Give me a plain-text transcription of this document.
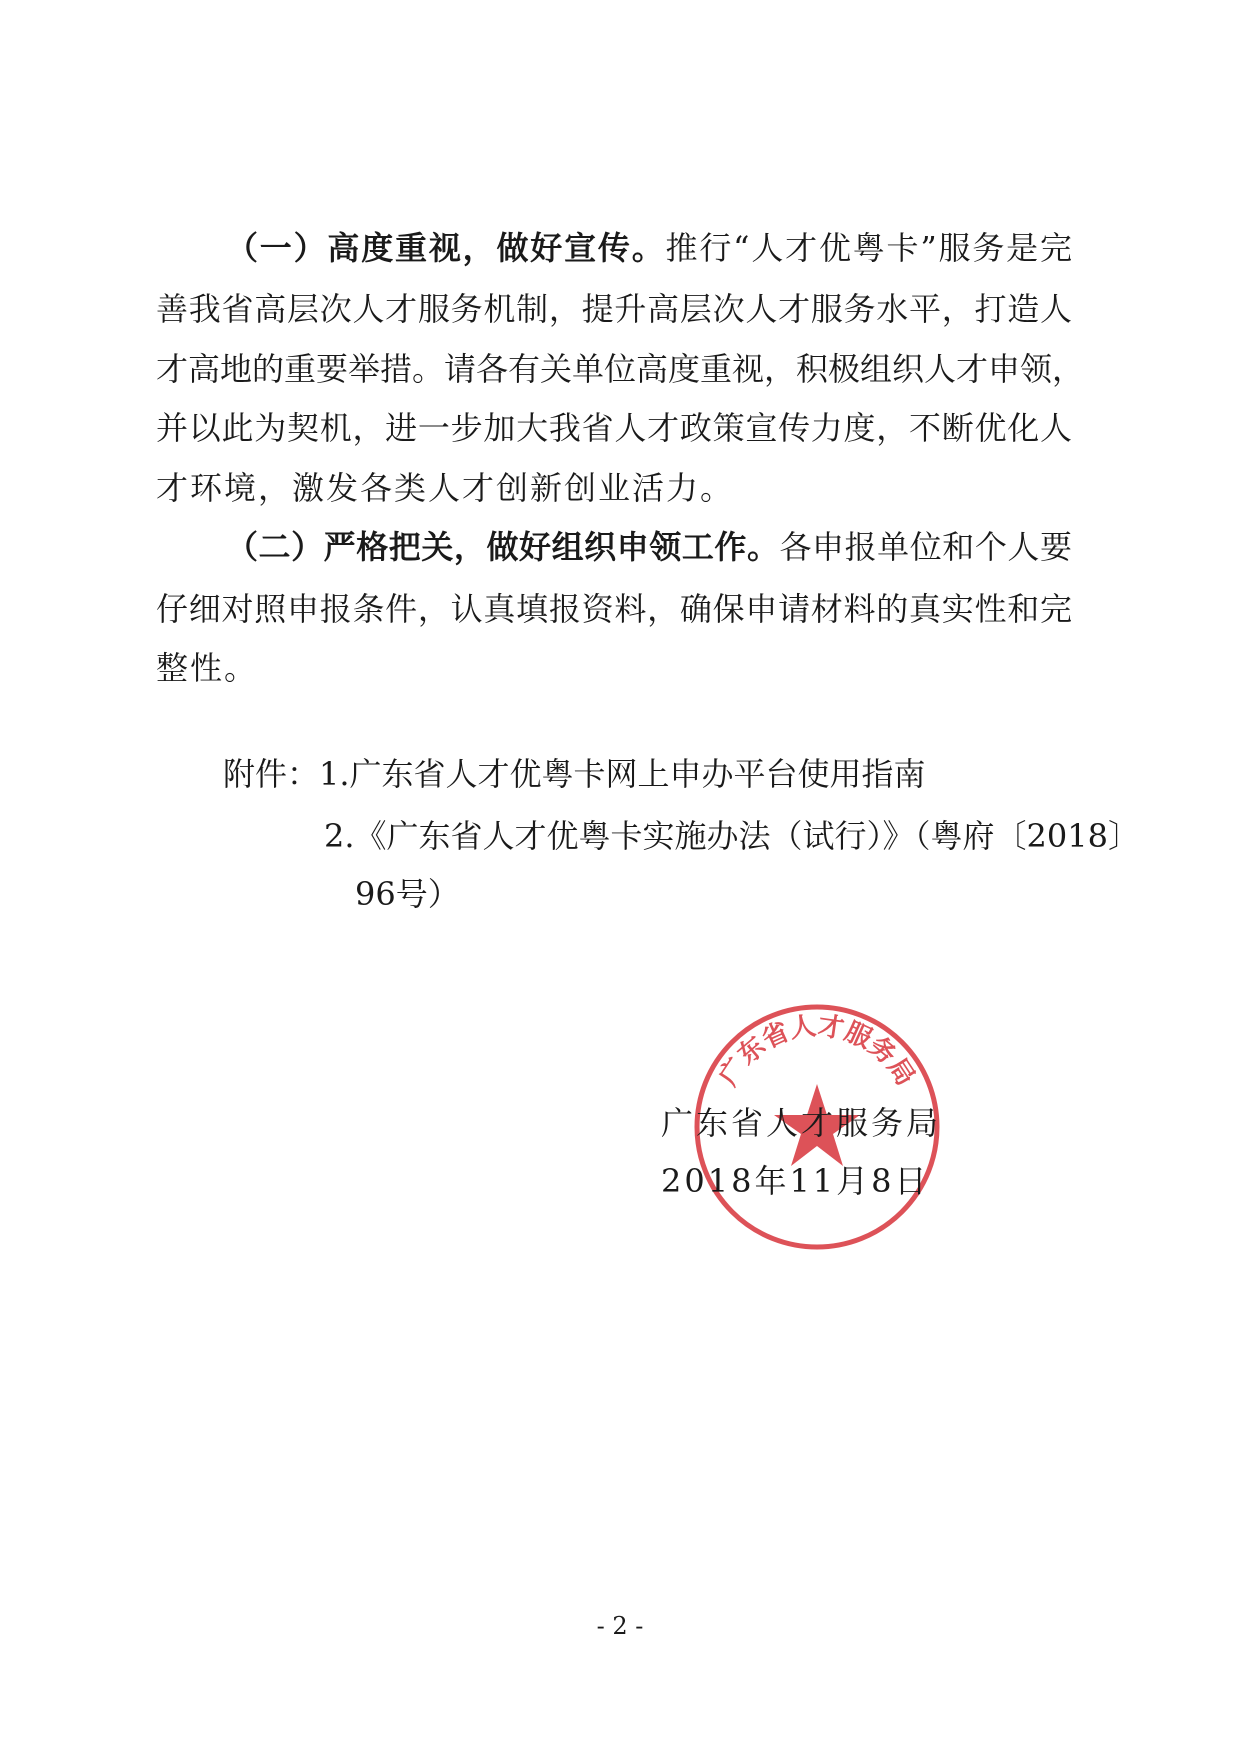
（一）高度重视，做好宣传。推行“人才优粤卡”服务是完
善我省高层次人才服务机制，提升高层次人才服务水平，打造人
才高地的重要举措。请各有关单位高度重视，积极组织人才申领，
并以此为契机，进一步加大我省人才政策宣传力度，不断优化人
才环境，激发各类人才创新创业活力。
（二）严格把关，做好组织申领工作。各申报单位和个人要
仔细对照申报条件，认真填报资料，确保申请材料的真实性和完
整性。
附件：1.广东省人才优粤卡网上申办平台使用指南
2.《广东省人才优粤卡实施办法（试行）》（粤府〔2018〕
96号）
广东省人才服务局
广东省人才服务局
2018年11月8日
- 2 -
